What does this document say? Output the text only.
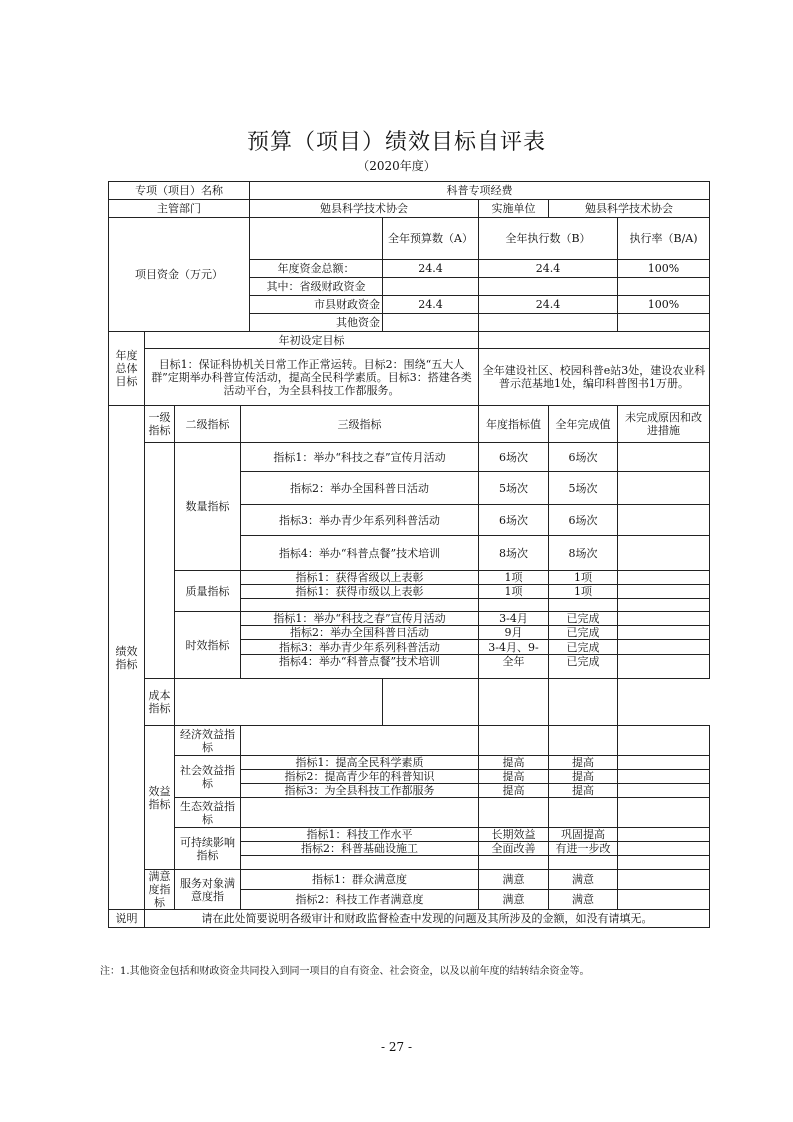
预算（项目）绩效目标自评表
（2020年度）
专项（项目）名称				科普专项经费				
主管部门				勉县科学技术协会		实施单位	勉县科学技术协会	
项目资金（万元）					全年预算数（A）	全年执行数（B）		执行率（B/A)
				年度资金总额：	24.4	24.4		100%
				其中：省级财政资金				
				市县财政资金	24.4	24.4		100%
				其他资金				
年度总体目标	年初设定目标							
	目标1：保证科协机关日常工作正常运转。目标2：围绕“五大人群”定期举办科普宣传活动，提高全民科学素质。目标3：搭建各类活动平台，为全县科技工作都服务。					全年建设社区、校园科普e站3处，建设农业科普示范基地1处，编印科普图书1万册。		
绩效指标	一级指标	二级指标	三级指标			年度指标值	全年完成值	未完成原因和改进措施
		数量指标	指标1：举办“科技之春”宣传月活动			6场次	6场次	
			指标2：举办全国科普日活动			5场次	5场次	
			指标3：举办青少年系列科普活动			6场次	6场次	
			指标4：举办“科普点餐”技术培训			8场次	8场次	
		质量指标	指标1：获得省级以上表彰			1项	1项	
			指标1：获得市级以上表彰			1项	1项	

		时效指标	指标1：举办“科技之春”宣传月活动			3-4月	已完成	
			指标2：举办全国科普日活动			9月	已完成	
			指标3：举办青少年系列科普活动			3-4月、9-	已完成	
			指标4：举办“科普点餐”技术培训			全年	已完成	
	成本指标							
	效益指标	经济效益指标						
		社会效益指标	指标1：提高全民科学素质			提高	提高	
			指标2：提高青少年的科普知识			提高	提高	
			指标3：为全县科技工作都服务			提高	提高	
		生态效益指标						
		可持续影响指标	指标1：科技工作水平			长期效益	巩固提高	
			指标2：科普基础设施工			全面改善	有进一步改	

	满意度指标	服务对象满意度指	指标1：群众满意度			满意	满意	
			指标2：科技工作者满意度			满意	满意	
说明	请在此处简要说明各级审计和财政监督检查中发现的问题及其所涉及的金额，如没有请填无。							
注：1.其他资金包括和财政资金共同投入到同一项目的自有资金、社会资金，以及以前年度的结转结余资金等。
- 27 -
